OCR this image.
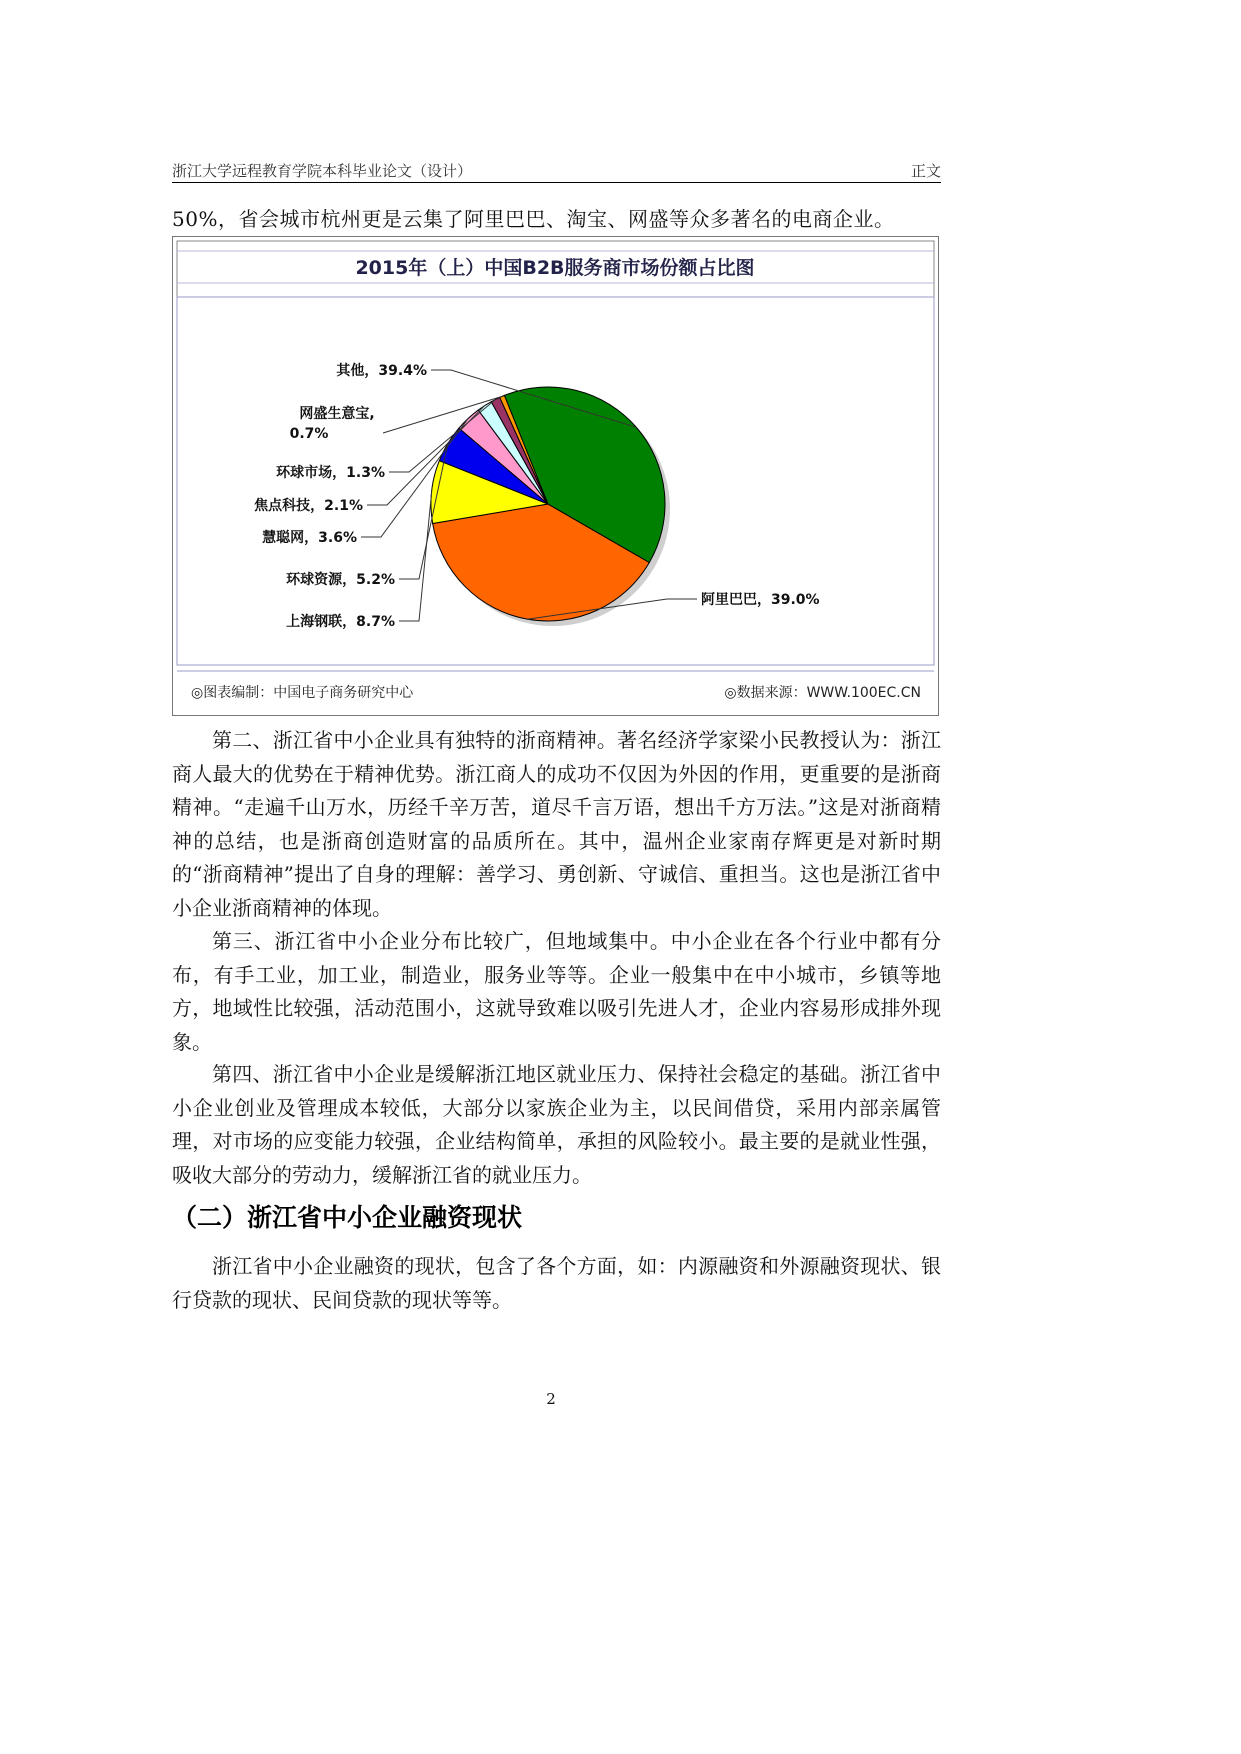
浙江大学远程教育学院本科毕业论文（设计）	正文
50%，省会城市杭州更是云集了阿里巴巴、淘宝、网盛等众多著名的电商企业。
2015年（上）中国B2B服务商市场份额占比图
阿里巴巴，39.0%
上海钢联，8.7%
环球资源，5.2%
慧聪网，3.6%
焦点科技，2.1%
环球市场，1.3%
网盛生意宝,
0.7%
其他，39.4%
◎图表编制：中国电子商务研究中心	◎数据来源：WWW.100EC.CN
第二、浙江省中小企业具有独特的浙商精神。著名经济学家梁小民教授认为：浙江商人最大的优势在于精神优势。浙江商人的成功不仅因为外因的作用，更重要的是浙商精神。“走遍千山万水，历经千辛万苦，道尽千言万语，想出千方万法。”这是对浙商精神的总结，也是浙商创造财富的品质所在。其中，温州企业家南存辉更是对新时期的“浙商精神”提出了自身的理解：善学习、勇创新、守诚信、重担当。这也是浙江省中小企业浙商精神的体现。
第三、浙江省中小企业分布比较广，但地域集中。中小企业在各个行业中都有分布，有手工业，加工业，制造业，服务业等等。企业一般集中在中小城市，乡镇等地方，地域性比较强，活动范围小，这就导致难以吸引先进人才，企业内容易形成排外现象。
第四、浙江省中小企业是缓解浙江地区就业压力、保持社会稳定的基础。浙江省中小企业创业及管理成本较低，大部分以家族企业为主，以民间借贷，采用内部亲属管理，对市场的应变能力较强，企业结构简单，承担的风险较小。最主要的是就业性强，吸收大部分的劳动力，缓解浙江省的就业压力。
（二）浙江省中小企业融资现状
浙江省中小企业融资的现状，包含了各个方面，如：内源融资和外源融资现状、银行贷款的现状、民间贷款的现状等等。
2
